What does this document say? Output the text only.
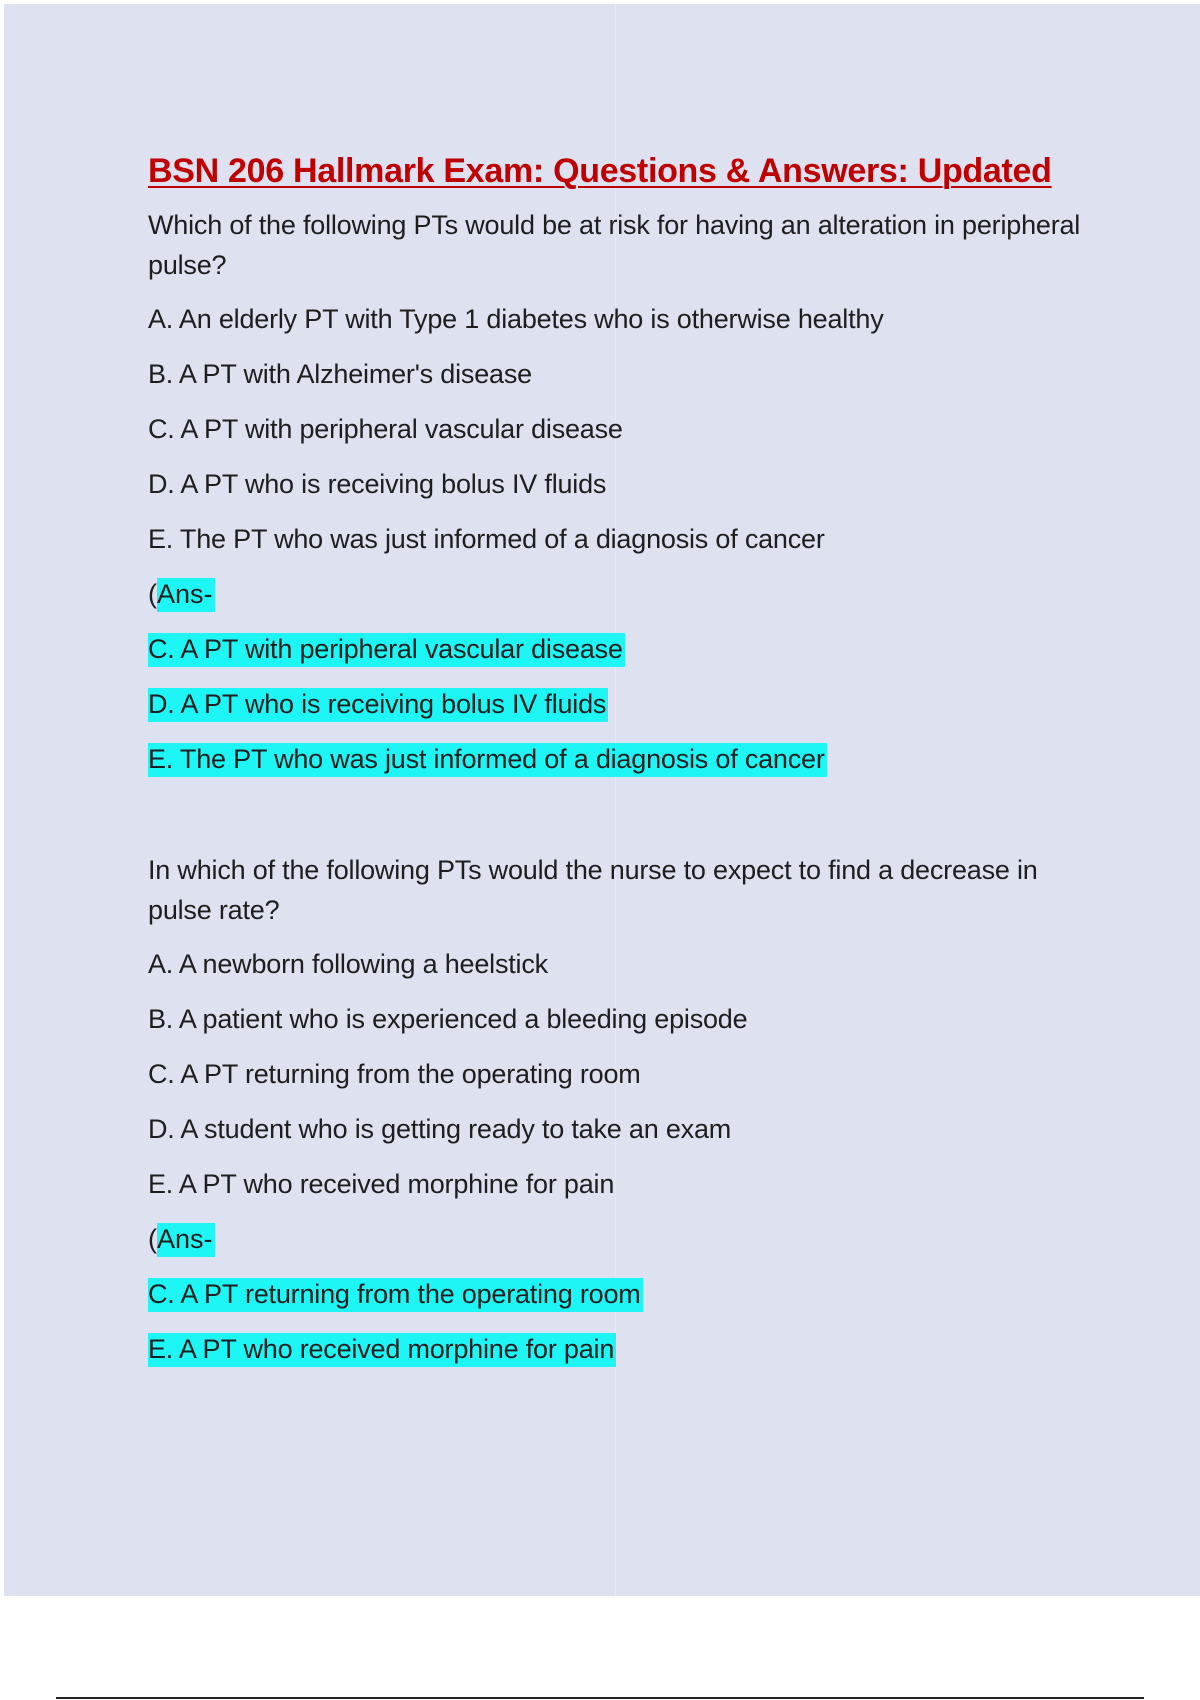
BSN 206 Hallmark Exam: Questions & Answers: Updated

Which of the following PTs would be at risk for having an alteration in peripheral pulse?

A. An elderly PT with Type 1 diabetes who is otherwise healthy
B. A PT with Alzheimer's disease
C. A PT with peripheral vascular disease
D. A PT who is receiving bolus IV fluids
E. The PT who was just informed of a diagnosis of cancer
(Ans-
C. A PT with peripheral vascular disease
D. A PT who is receiving bolus IV fluids
E. The PT who was just informed of a diagnosis of cancer

In which of the following PTs would the nurse to expect to find a decrease in pulse rate?

A. A newborn following a heelstick
B. A patient who is experienced a bleeding episode
C. A PT returning from the operating room
D. A student who is getting ready to take an exam
E. A PT who received morphine for pain
(Ans-
C. A PT returning from the operating room
E. A PT who received morphine for pain
